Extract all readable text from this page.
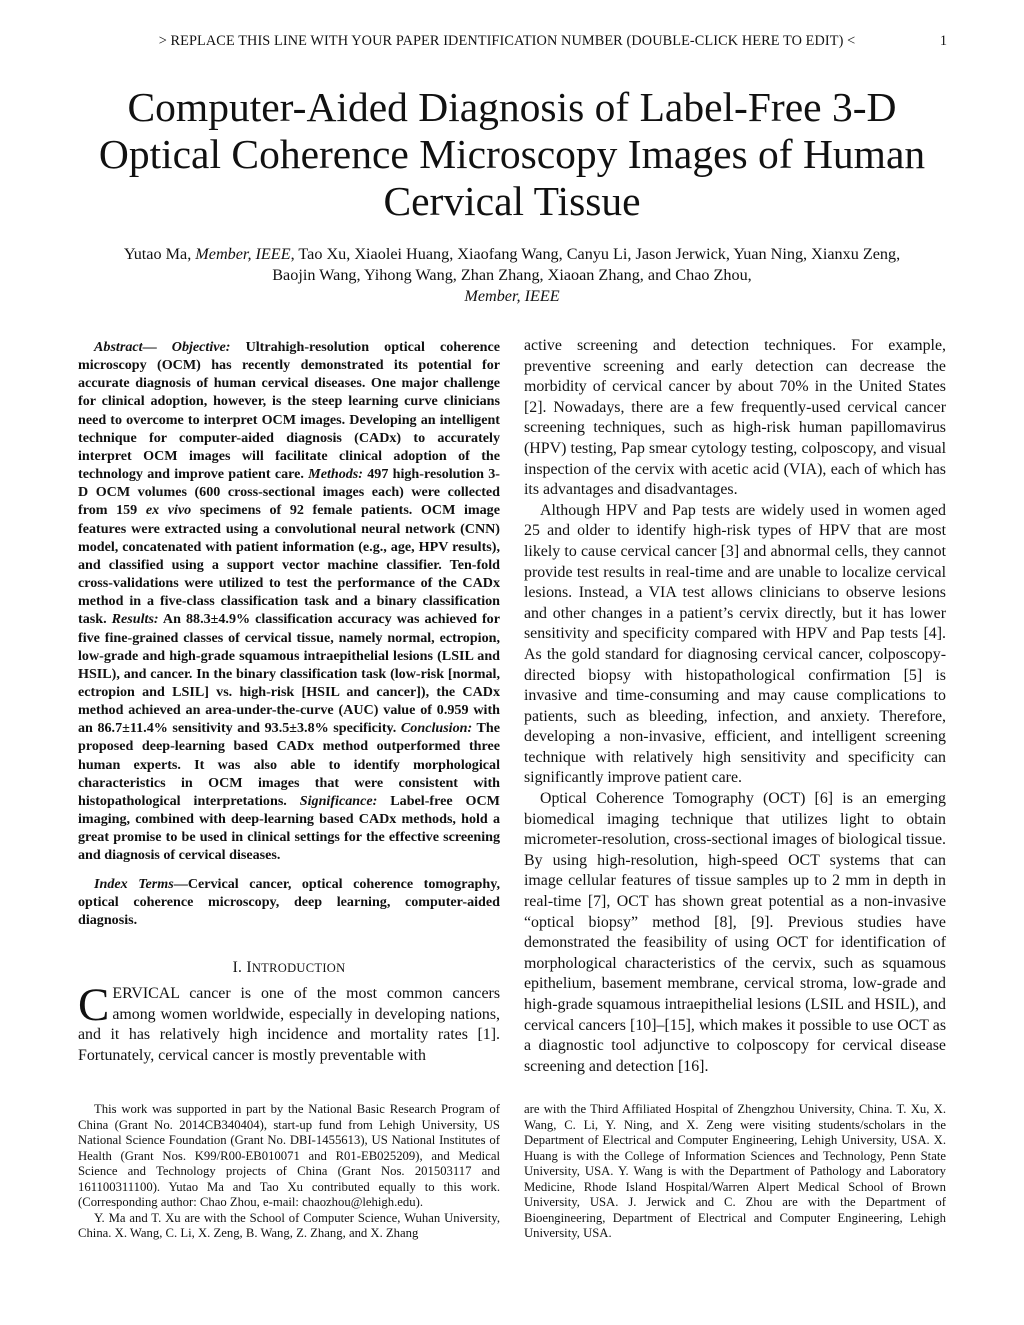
> REPLACE THIS LINE WITH YOUR PAPER IDENTIFICATION NUMBER (DOUBLE-CLICK HERE TO EDIT) <	1
Computer-Aided Diagnosis of Label-Free 3-D Optical Coherence Microscopy Images of Human Cervical Tissue
Yutao Ma, Member, IEEE, Tao Xu, Xiaolei Huang, Xiaofang Wang, Canyu Li, Jason Jerwick, Yuan Ning, Xianxu Zeng, Baojin Wang, Yihong Wang, Zhan Zhang, Xiaoan Zhang, and Chao Zhou,
Member, IEEE

Abstract— Objective: Ultrahigh-resolution optical coherence microscopy (OCM) has recently demonstrated its potential for accurate diagnosis of human cervical diseases. One major challenge for clinical adoption, however, is the steep learning curve clinicians need to overcome to interpret OCM images. Developing an intelligent technique for computer-aided diagnosis (CADx) to accurately interpret OCM images will facilitate clinical adoption of the technology and improve patient care. Methods: 497 high-resolution 3-D OCM volumes (600 cross-sectional images each) were collected from 159 ex vivo specimens of 92 female patients. OCM image features were extracted using a convolutional neural network (CNN) model, concatenated with patient information (e.g., age, HPV results), and classified using a support vector machine classifier. Ten-fold cross-validations were utilized to test the performance of the CADx method in a five-class classification task and a binary classification task. Results: An 88.3±4.9% classification accuracy was achieved for five fine-grained classes of cervical tissue, namely normal, ectropion, low-grade and high-grade squamous intraepithelial lesions (LSIL and HSIL), and cancer. In the binary classification task (low-risk [normal, ectropion and LSIL] vs. high-risk [HSIL and cancer]), the CADx method achieved an area-under-the-curve (AUC) value of 0.959 with an 86.7±11.4% sensitivity and 93.5±3.8% specificity. Conclusion: The proposed deep-learning based CADx method outperformed three human experts. It was also able to identify morphological characteristics in OCM images that were consistent with histopathological interpretations. Significance: Label-free OCM imaging, combined with deep-learning based CADx methods, hold a great promise to be used in clinical settings for the effective screening and diagnosis of cervical diseases.

Index Terms—Cervical cancer, optical coherence tomography, optical coherence microscopy, deep learning, computer-aided diagnosis.

I. INTRODUCTION

CERVICAL cancer is one of the most common cancers among women worldwide, especially in developing nations, and it has relatively high incidence and mortality rates [1]. Fortunately, cervical cancer is mostly preventable with

active screening and detection techniques. For example, preventive screening and early detection can decrease the morbidity of cervical cancer by about 70% in the United States [2]. Nowadays, there are a few frequently-used cervical cancer screening techniques, such as high-risk human papillomavirus (HPV) testing, Pap smear cytology testing, colposcopy, and visual inspection of the cervix with acetic acid (VIA), each of which has its advantages and disadvantages.

Although HPV and Pap tests are widely used in women aged 25 and older to identify high-risk types of HPV that are most likely to cause cervical cancer [3] and abnormal cells, they cannot provide test results in real-time and are unable to localize cervical lesions. Instead, a VIA test allows clinicians to observe lesions and other changes in a patient’s cervix directly, but it has lower sensitivity and specificity compared with HPV and Pap tests [4]. As the gold standard for diagnosing cervical cancer, colposcopy-directed biopsy with histopathological confirmation [5] is invasive and time-consuming and may cause complications to patients, such as bleeding, infection, and anxiety. Therefore, developing a non-invasive, efficient, and intelligent screening technique with relatively high sensitivity and specificity can significantly improve patient care.

Optical Coherence Tomography (OCT) [6] is an emerging biomedical imaging technique that utilizes light to obtain micrometer-resolution, cross-sectional images of biological tissue. By using high-resolution, high-speed OCT systems that can image cellular features of tissue samples up to 2 mm in depth in real-time [7], OCT has shown great potential as a non-invasive “optical biopsy” method [8], [9]. Previous studies have demonstrated the feasibility of using OCT for identification of morphological characteristics of the cervix, such as squamous epithelium, basement membrane, cervical stroma, low-grade and high-grade squamous intraepithelial lesions (LSIL and HSIL), and cervical cancers [10]–[15], which makes it possible to use OCT as a diagnostic tool adjunctive to colposcopy for cervical disease screening and detection [16].

This work was supported in part by the National Basic Research Program of China (Grant No. 2014CB340404), start-up fund from Lehigh University, US National Science Foundation (Grant No. DBI-1455613), US National Institutes of Health (Grant Nos. K99/R00-EB010071 and R01-EB025209), and Medical Science and Technology projects of China (Grant Nos. 201503117 and 161100311100). Yutao Ma and Tao Xu contributed equally to this work. (Corresponding author: Chao Zhou, e-mail: chaozhou@lehigh.edu).

Y. Ma and T. Xu are with the School of Computer Science, Wuhan University, China. X. Wang, C. Li, X. Zeng, B. Wang, Z. Zhang, and X. Zhang

are with the Third Affiliated Hospital of Zhengzhou University, China. T. Xu, X. Wang, C. Li, Y. Ning, and X. Zeng were visiting students/scholars in the Department of Electrical and Computer Engineering, Lehigh University, USA. X. Huang is with the College of Information Sciences and Technology, Penn State University, USA. Y. Wang is with the Department of Pathology and Laboratory Medicine, Rhode Island Hospital/Warren Alpert Medical School of Brown University, USA. J. Jerwick and C. Zhou are with the Department of Bioengineering, Department of Electrical and Computer Engineering, Lehigh University, USA.
